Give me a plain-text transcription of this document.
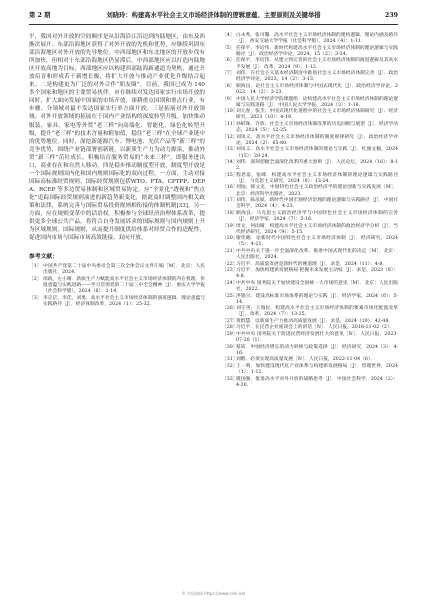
第 2 期	刘晓玲：构建高水平社会主义市场经济体制的逻辑意蕴、主要原则及关键举措	239

平，我国对外开放的空间顺序是从沿海沿江沿边到内陆地区，由东及西渐次展开。东部沿海地区获得了对外开放的先机和优势，应继续巩固东部沿海地区对外开放的先导地位。中西部地区和东北地区的开放步伐有所加快，但相对于东部沿海地区仍显滞后。中西部地区应以打造内陆地区开放高地为目标，西部地区应以构建西部陆海新通道为契机，通过开放培育和形成若干新增长极，将扩大开放与推动产业优化升级结合起来。二是构建更为广泛的对外合作“朋友圈”。目前，我国已成为 140 多个国家和地区的主要贸易伙伴。应在继续对发达国家实行市场开放的同时，扩大面向发展中国家的市场开放，深耕重点国别和重点行业，有步骤、分领域对最不发达国家实行单方面开放。三是拓展对外开放领域。对外开放领域的拓展在于国内产业结构的深度转型升级。加快推动服装、家具、家电等外贸“老三样”向高端化、智能化、绿色化转型升级，提升“老三样”的技术含量和附加值，稳住“老三样”在全球产业链中的优势地位。同时，深挖新能源汽车、锂电池、光伏产品等“新三样”的竞争优势，围绕产业链部署创新链，以新质生产力为动力源泉，推动外贸“新三样”茁壮成长。积极培育服务贸易的“未来三样”，即服务进出口、商业存在和自然人移动。四是稳步推动制度型开放。制度型开放是一个国际规则国内化和国内规则国际化的双向过程。一方面，主动对接国际高标准经贸规则。国际经贸规则包括WTO、FTA、CPTPP、DEPA、RCEP 等多边贸易体制和区域贸易协定。应“全景化”透视和“焦点化”追踪国际经贸规则演进的新趋势新变化，据此及时调整国内相关政策和法律，系统完善与国际贸易投资规则相衔接的体制机制[33]。另一方面，应在规则变革中的话语权。积极参与全球经济治理体系改革，提供更多全球公共产品。将符合自身发展诉求的国际规则与国内规则上升为区域规则、国际规则，从而提升制度供给体系对经贸合作的适配性，促进国内市场与国际市场高效链接、双向开放。

参考文献：
［1］ 中国共产党第二十届中央委员会第三次全体会议文件汇编［M］．北京：人民出版社，2024．
［2］ 徐政，左小晴．新质生产力赋能高水平社会主义市场经济体制的内在机理、价值意蕴与实践进路——学习贯彻党的二十届三中全会精神［J］．重庆大学学报（社会科学版），2024（6）：1-14．
［3］ 李京京，李佳，刘勇．高水平社会主义市场经济体制的演进逻辑、理论意蕴与实践路径［J］．经济体制改革，2024（1）：25-32．
［4］ 白永秀，张可馨．高水平社会主义市场经济体制的建构逻辑、理论内涵及路径［J］．西安交通大学学报（社会科学版），2024（4）：1-11．
［5］ 任保平，李培伟．新时代构建高水平社会主义市场经济体制的理论逻辑与实践路径［J］．政治经济学评论，2024，15（2）：3-24．
［6］ 任保平，李培伟．从建立到完善的社会主义市场经济体制的演进逻辑及其高水平发展［J］．改革，2024（9）：1-12．
［7］ 刘伟．在社会主义基本经济制度中推进社会主义市场经济体制完善［J］．政治经济学评论，2023，14（2）：3-13．
［8］ 顾海良．论社会主义市场经济体制与中国式现代化［J］．政治经济学评论，2023，14（2）：3-23．
［9］ 中国人民大学经济学院课题组．论构建高水平社会主义市场经济体制的理论逻辑与实践进路［J］．中国人民大学学报，2024（3）：1-16．
［10］
刘元春，张杰．中国式现代化进程中的社会主义市场经济体制研究［J］．经济研究，2023（10）：4-19．
［11］
孙蚌珠，许欣．社会主义市场经济体制改革的历史回顾与展望［J］．经济学动态，2024（5）：12-25．
［12］
刘凤义．高水平社会主义市场经济体制的制度规律研究［J］．政治经济学评论，2024（2）：65-80．
［13］
刘凤义．高水平社会主义市场经济体制的理论与实践［J］．红旗文稿，2024（15）：20-24．
［14］
刘伟．深刻把握全面深化改革的重大原则［J］．人民论坛，2024（16）：8-12．
［15］
程恩富，张峰．构建高水平社会主义市场经济体制的理论逻辑与实践路径［J］．马克思主义研究，2024（8）：13-24．
［16］
刘灿，韩文龙．中国特色社会主义政治经济学的理论创新与实践发展［M］．北京：经济科学出版社，2023．
［17］
刘伟，陈彦斌．新时代中国宏观经济治理的理论逻辑与实践路径［J］．中国社会科学，2024（4）：4-23．
［18］
顾海良．马克思主义政治经济学与中国特色社会主义市场经济体制的完善［J］．经济学家，2024（7）：5-16．
［19］
周文，何雨晴．构建高水平社会主义市场经济体制的政治经济学分析［J］．当代经济研究，2024（9）：5-15．
［20］
谢伏瞻．论新时代中国特色社会主义市场经济体制［J］．经济研究，2024（5）：4-21．
［21］
中共中央关于进一步全面深化改革、推进中国式现代化的决定［M］．北京：人民出版社，2024．
［22］
习近平．高质量发展是新时代的硬道理［J］．求是，2024（11）：4-8．
［23］
习近平．加快构建新发展格局 把握未来发展主动权［J］．求是，2023（8）：4-8．
［24］
中共中央 国务院关于加快建设全国统一大市场的意见［M］．北京：人民出版社，2022．
［25］
洪银兴．建设高标准市场体系的理论与实践［J］．经济学家，2024（6）：5-14．
［26］
刘守英，王瑞民．构建高水平社会主义市场经济体制的要素市场化配置改革［J］．改革，2024（7）：13-25．
［27］
黄群慧．以新质生产力推动高质量发展［J］．求是，2024（10）：42-48．
［28］
习近平．在民营企业座谈会上的讲话［N］．人民日报，2018-11-02（2）．
［29］
中共中央 国务院关于促进民营经济发展壮大的意见［N］．人民日报，2023-07-20（1）．
［30］
蔡昉．中国经济增长的动力转换与政策选择［J］．经济研究，2024（3）：4-16．
［31］
刘鹤．必须实现高质量发展［N］．人民日报，2022-11-04（6）．
［32］
王一鸣．加快建设现代化产业体系与构建新发展格局［J］．管理世界，2024（1）：1-12．
［33］
隆国强．推进高水平对外开放的战略思考［J］．中国社会科学，2024（2）：4-20．
© 中国知网 https://www.cnki.net
